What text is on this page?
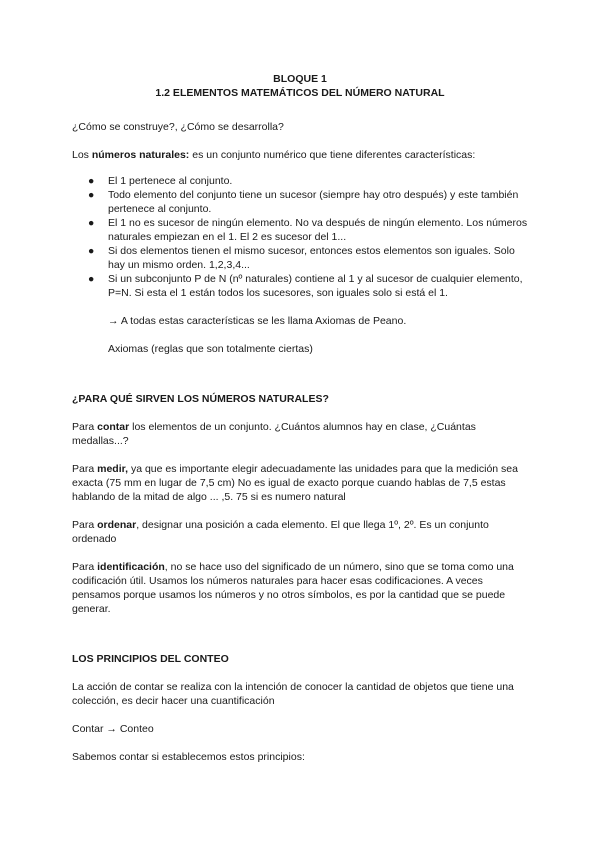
BLOQUE 1

1.2 ELEMENTOS MATEMÁTICOS DEL NÚMERO NATURAL

¿Cómo se construye?, ¿Cómo se desarrolla?

Los números naturales: es un conjunto numérico que tiene diferentes características:

● El 1 pertenece al conjunto.
● Todo elemento del conjunto tiene un sucesor (siempre hay otro después) y este también pertenece al conjunto.
● El 1 no es sucesor de ningún elemento. No va después de ningún elemento. Los números naturales empiezan en el 1. El 2 es sucesor del 1...
● Si dos elementos tienen el mismo sucesor, entonces estos elementos son iguales. Solo hay un mismo orden. 1,2,3,4...
● Si un subconjunto P de N (nº naturales) contiene al 1 y al sucesor de cualquier elemento, P=N. Si esta el 1 están todos los sucesores, son iguales solo si está el 1.

→ A todas estas características se les llama Axiomas de Peano.

Axiomas (reglas que son totalmente ciertas)

¿PARA QUÉ SIRVEN LOS NÚMEROS NATURALES?

Para contar los elementos de un conjunto. ¿Cuántos alumnos hay en clase, ¿Cuántas medallas...?

Para medir, ya que es importante elegir adecuadamente las unidades para que la medición sea exacta (75 mm en lugar de 7,5 cm) No es igual de exacto porque cuando hablas de 7,5 estas hablando de la mitad de algo ... ,5. 75 si es numero natural

Para ordenar, designar una posición a cada elemento. El que llega 1º, 2º. Es un conjunto ordenado

Para identificación, no se hace uso del significado de un número, sino que se toma como una codificación útil. Usamos los números naturales para hacer esas codificaciones. A veces pensamos porque usamos los números y no otros símbolos, es por la cantidad que se puede generar.

LOS PRINCIPIOS DEL CONTEO

La acción de contar se realiza con la intención de conocer la cantidad de objetos que tiene una colección, es decir hacer una cuantificación

Contar → Conteo

Sabemos contar si establecemos estos principios:
